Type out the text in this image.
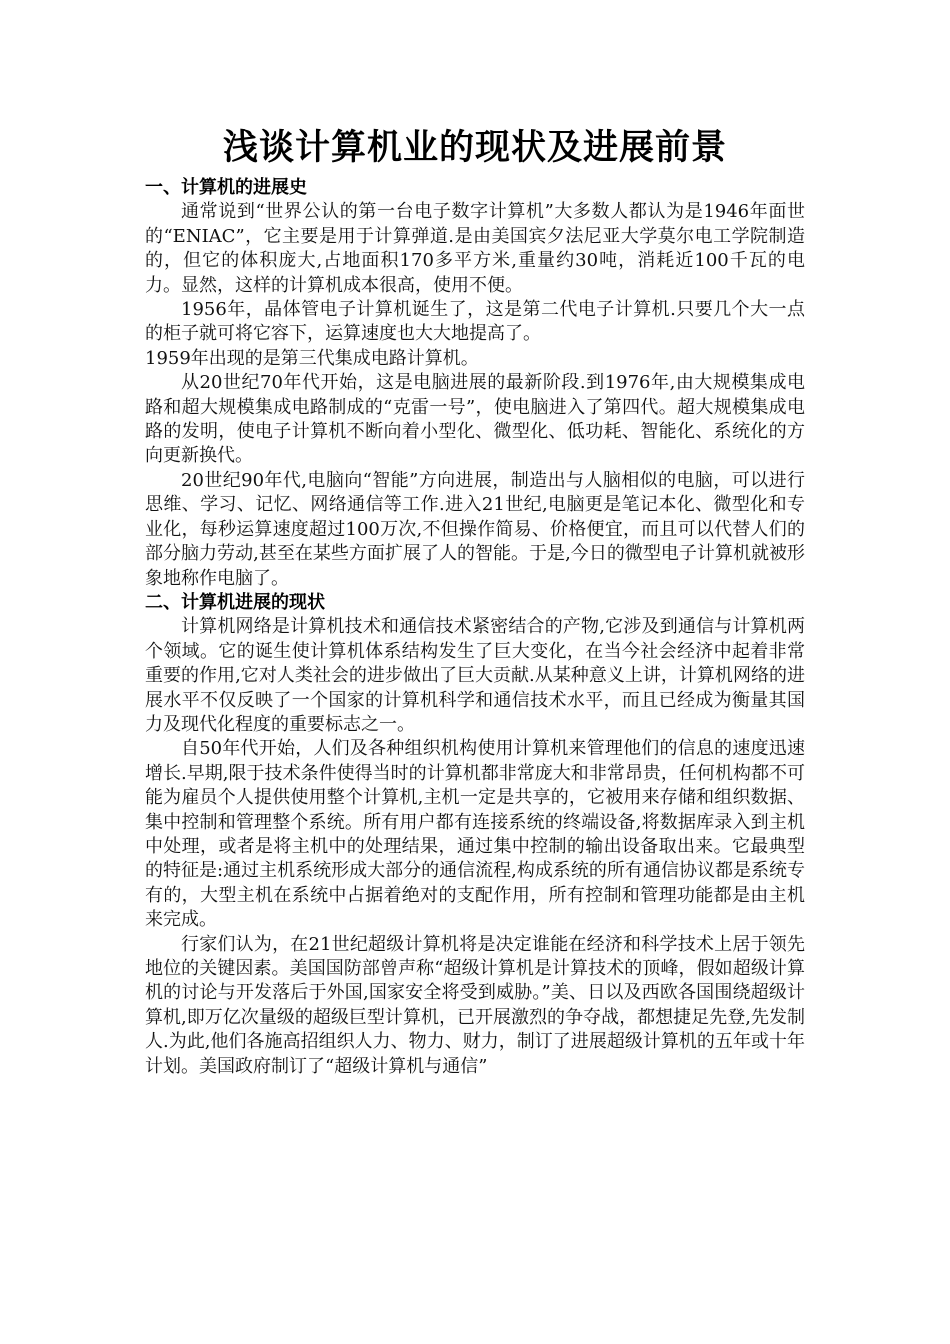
浅谈计算机业的现状及进展前景
一、计算机的进展史

通常说到“世界公认的第一台电子数字计算机”大多数人都认为是1946年面世的“ENIAC”，它主要是用于计算弹道.是由美国宾夕法尼亚大学莫尔电工学院制造的，但它的体积庞大,占地面积170多平方米,重量约30吨，消耗近100千瓦的电力。显然，这样的计算机成本很高，使用不便。

1956年，晶体管电子计算机诞生了，这是第二代电子计算机.只要几个大一点的柜子就可将它容下，运算速度也大大地提高了。

1959年出现的是第三代集成电路计算机。

从20世纪70年代开始，这是电脑进展的最新阶段.到1976年,由大规模集成电路和超大规模集成电路制成的“克雷一号”，使电脑进入了第四代。超大规模集成电路的发明，使电子计算机不断向着小型化、微型化、低功耗、智能化、系统化的方向更新换代。

20世纪90年代,电脑向“智能”方向进展，制造出与人脑相似的电脑，可以进行思维、学习、记忆、网络通信等工作.进入21世纪,电脑更是笔记本化、微型化和专业化，每秒运算速度超过100万次,不但操作简易、价格便宜，而且可以代替人们的部分脑力劳动,甚至在某些方面扩展了人的智能。于是,今日的微型电子计算机就被形象地称作电脑了。

二、计算机进展的现状

计算机网络是计算机技术和通信技术紧密结合的产物,它涉及到通信与计算机两个领域。它的诞生使计算机体系结构发生了巨大变化，在当今社会经济中起着非常重要的作用,它对人类社会的进步做出了巨大贡献.从某种意义上讲，计算机网络的进展水平不仅反映了一个国家的计算机科学和通信技术水平，而且已经成为衡量其国力及现代化程度的重要标志之一。

自50年代开始，人们及各种组织机构使用计算机来管理他们的信息的速度迅速增长.早期,限于技术条件使得当时的计算机都非常庞大和非常昂贵，任何机构都不可能为雇员个人提供使用整个计算机,主机一定是共享的，它被用来存储和组织数据、集中控制和管理整个系统。所有用户都有连接系统的终端设备,将数据库录入到主机中处理，或者是将主机中的处理结果，通过集中控制的输出设备取出来。它最典型的特征是:通过主机系统形成大部分的通信流程,构成系统的所有通信协议都是系统专有的，大型主机在系统中占据着绝对的支配作用，所有控制和管理功能都是由主机来完成。

行家们认为，在21世纪超级计算机将是决定谁能在经济和科学技术上居于领先地位的关键因素。美国国防部曾声称“超级计算机是计算技术的顶峰，假如超级计算机的讨论与开发落后于外国,国家安全将受到威胁。”美、日以及西欧各国围绕超级计算机,即万亿次量级的超级巨型计算机，已开展激烈的争夺战，都想捷足先登,先发制人.为此,他们各施高招组织人力、物力、财力，制订了进展超级计算机的五年或十年计划。美国政府制订了“超级计算机与通信”
